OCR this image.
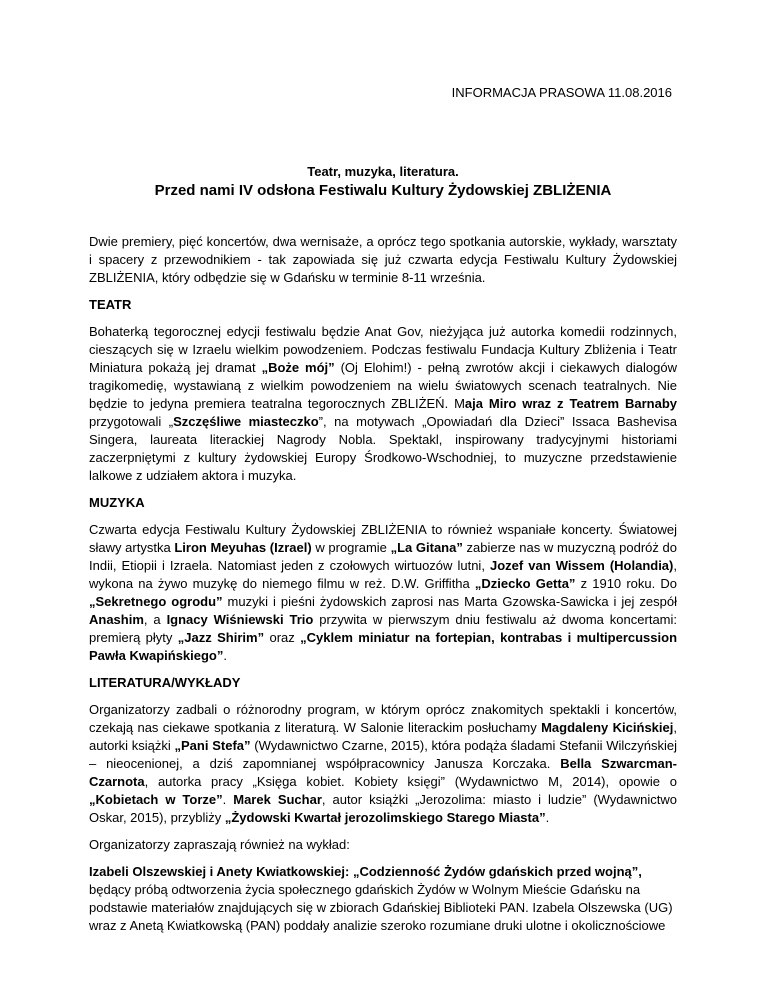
INFORMACJA PRASOWA 11.08.2016

Teatr, muzyka, literatura.

Przed nami IV odsłona Festiwalu Kultury Żydowskiej ZBLIŻENIA

Dwie premiery, pięć koncertów, dwa wernisaże, a oprócz tego spotkania autorskie, wykłady, warsztaty i spacery z przewodnikiem - tak zapowiada się już czwarta edycja Festiwalu Kultury Żydowskiej ZBLIŻENIA, który odbędzie się w Gdańsku w terminie 8-11 września.

TEATR

Bohaterką tegorocznej edycji festiwalu będzie Anat Gov, nieżyjąca już autorka komedii rodzinnych, cieszących się w Izraelu wielkim powodzeniem. Podczas festiwalu Fundacja Kultury Zbliżenia i Teatr Miniatura pokażą jej dramat „Boże mój” (Oj Elohim!) - pełną zwrotów akcji i ciekawych dialogów tragikomedię, wystawianą z wielkim powodzeniem na wielu światowych scenach teatralnych. Nie będzie to jedyna premiera teatralna tegorocznych ZBLIŻEŃ. Maja Miro wraz z Teatrem Barnaby przygotowali „Szczęśliwe miasteczko”, na motywach „Opowiadań dla Dzieci” Issaca Bashevisa Singera, laureata literackiej Nagrody Nobla. Spektakl, inspirowany tradycyjnymi historiami zaczerpniętymi z kultury żydowskiej Europy Środkowo-Wschodniej, to muzyczne przedstawienie lalkowe z udziałem aktora i muzyka.

MUZYKA

Czwarta edycja Festiwalu Kultury Żydowskiej ZBLIŻENIA to również wspaniałe koncerty. Światowej sławy artystka Liron Meyuhas (Izrael) w programie „La Gitana” zabierze nas w muzyczną podróż do Indii, Etiopii i Izraela. Natomiast jeden z czołowych wirtuozów lutni, Jozef van Wissem (Holandia), wykona na żywo muzykę do niemego filmu w reż. D.W. Griffitha „Dziecko Getta” z 1910 roku. Do „Sekretnego ogrodu” muzyki i pieśni żydowskich zaprosi nas Marta Gzowska-Sawicka i jej zespół Anashim, a Ignacy Wiśniewski Trio przywita w pierwszym dniu festiwalu aż dwoma koncertami: premierą płyty „Jazz Shirim” oraz „Cyklem miniatur na fortepian, kontrabas i multipercussion Pawła Kwapińskiego”.

LITERATURA/WYKŁADY

Organizatorzy zadbali o różnorodny program, w którym oprócz znakomitych spektakli i koncertów, czekają nas ciekawe spotkania z literaturą. W Salonie literackim posłuchamy Magdaleny Kicińskiej, autorki książki „Pani Stefa” (Wydawnictwo Czarne, 2015), która podąża śladami Stefanii Wilczyńskiej – nieocenionej, a dziś zapomnianej współpracownicy Janusza Korczaka. Bella Szwarcman-Czarnota, autorka pracy „Księga kobiet. Kobiety księgi” (Wydawnictwo M, 2014), opowie o „Kobietach w Torze”. Marek Suchar, autor książki „Jerozolima: miasto i ludzie” (Wydawnictwo Oskar, 2015), przybliży „Żydowski Kwartał jerozolimskiego Starego Miasta”.

Organizatorzy zapraszają również na wykład:

Izabeli Olszewskiej i Anety Kwiatkowskiej: „Codzienność Żydów gdańskich przed wojną”, będący próbą odtworzenia życia społecznego gdańskich Żydów w Wolnym Mieście Gdańsku na podstawie materiałów znajdujących się w zbiorach Gdańskiej Biblioteki PAN. Izabela Olszewska (UG) wraz z Anetą Kwiatkowską (PAN) poddały analizie szeroko rozumiane druki ulotne i okolicznościowe
